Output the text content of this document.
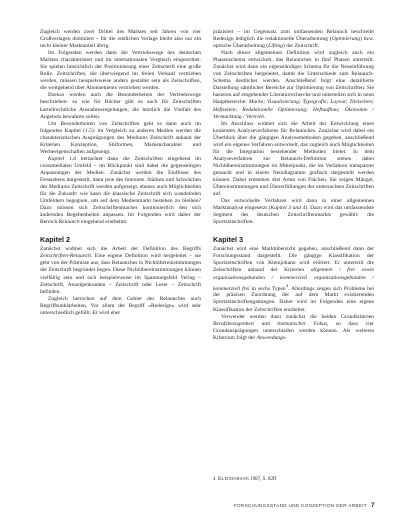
Zugleich werden zwei Drittel des Marktes seit Jahren von vier Großverlagen dominiert – für die restlichen Verlage bleibt also nur ein recht kleiner Marktanteil übrig.

Im Folgenden werden dann die Vertriebswege des deutschen Marktes charakterisiert und im internationalen Vergleich eingeordnet. Sie spielen hinsichtlich der Positionierung einer Zeitschrift eine große Rolle. Zeitschriften, die überwiegend im freien Verkauf vertrieben werden, müssen beispielsweise anders gestaltet sein als Zeitschriften, die weitgehend über Abonnements vertrieben werden.

Ebenso werden auch die Besonderheiten der Vertriebswege beschrieben: so wie für Bücher gibt es auch für Zeitschriften kartellrechtliche Ausnahmeregelungen, die letztlich die Vielfalt des Angebots bewahren sollen.

Um Besonderheiten von Zeitschriften geht es dann auch im folgenden Kapitel (1.5): im Vergleich zu anderen Medien werden die charakteristischen Ausprägungen des Mediums Zeitschrift anhand der Kriterien Konzeption, Stilformen, Markencharakter und Werbeeigenschaften aufgezeigt.

Kapitel 1.6 betrachtet dann die Zeitschriften eingehend im crossmedialen Umfeld – im Blickpunkt sind dabei die gegenseitigen Anpassungen der Medien. Zunächst werden die Einflüsse des Fernsehens dargestellt, dann jene des Internets. Stärken und Schwächen des Mediums Zeitschrift werden aufgezeigt, ebenso auch Möglichkeiten für die Zukunft: wie kann die klassische Zeitschrift sich wandelnden Umfeldern begegnen, um auf dem Medienmarkt bestehen zu bleiben? Dazu müssen sich Zeitschriftenmacher kontinuierlich den sich ändernden Begebenheiten anpassen. Im Folgenden wird daher der Bereich Relaunch eingehend erarbeitet.

Kapitel 2

Zunächst widmet sich die Arbeit der Definition des Begriffs Zeitschriften-Relaunch. Eine eigene Definition wird hergeleitet – sie geht von der Prämisse aus, dass Relaunches in Nichtübereinstimmungen der Zeitschrift begründet liegen. Diese Nichtübereinstimmungen können vielfältig sein und sich beispielsweise im Spannungsfeld Verlag – Zeitschrift, Anzeigenkunden – Zeitschrift oder Leser – Zeitschrift befinden.

Zugleich herrschen auf dem Gebiet des Relaunches auch Begriffsunklarheiten. Vor allem der Begriff »Redesign« wird sehr unterschiedlich gefüllt. Er wird eher

präzisiert – im Gegensatz zum umfassenden Relaunch beschreibt Redesign lediglich die redaktionelle Überarbeitung (Optimierung) bzw. optische Überarbeitung (Lifting) der Zeitschrift.

Nach dieser allgemeinen Definition wird zugleich auch ein Phasenschema entwickelt, das Relaunches in fünf Phasen unterteilt. Zunächst wird dann ein eigenständiges Schema für die Neueinführung von Zeitschriften hergeleitet, damit die Unterschiede zum Relaunch-Schema deutlicher werden. Anschließend folgt eine detaillierte Darstellung sämtlicher Bereiche zur Optimierung von Zeitschriften. Sie basieren auf eingehender Literaturrecherche und unterteilen sich in neun Hauptbereiche: Marke; Visualisierung; Typografie; Layout; Titelseiten; Heftseiten; Redaktionelle Optimierung; Heftaufbau; Ökonomie / Vermarktung / Vertrieb.

Im Anschluss widmet sich die Arbeit der Entwicklung eines konkreten Analyseverfahrens für Relaunches. Zunächst wird dabei ein Überblick über die gängigen Analysemethoden gegeben, anschließend wird ein eigenes Verfahren entwickelt, das zugleich auch Möglichkeiten für die Integration bestehender Methoden bietet. In dem Analyseverfahren zur Relaunch-Definition stehen dabei Nichtübereinstimmungen im Mittelpunkt, die im Verfahren transparent gemacht und in einem Netzdiagramm grafisch dargestellt werden können. Dabei entstehen drei Arten von Flächen. Sie zeigen Mängel, Übereinstimmungen und Übererfüllungen der untersuchten Zeitschriften auf.

Das entwickelte Verfahren wird dann in einer allgemeinen Marktanalyse eingesetzt (Kapitel 3 und 4). Dazu wird das umfassendste Segment des deutschen Zeitschriftenmarkts gewählt: die Sportzeitschriften.

Kapitel 3

Zunächst wird eine Marktübersicht gegeben, anschließend dann der Forschungsstand dargestellt. Die gängige Klassifikation der Sportzeitschriften von Kleinjohann wird erörtert. Er unterteilt die Zeitschriften anhand der Kriterien allgemein / frei sowie organisationsgebunden / kommerziell organisationsgebunden / kommerziell frei in sechs Typen$^4$. Allerdings zeigen sich Probleme bei der präzisen Zuordnung der auf dem Markt existierenden Sportzeitschriftengattungen. Daher wird im Folgenden eine eigene Klassifikation der Zeitschriften erarbeitet.

Verwendet werden dazu zunächst die beiden Grundkriterien Berufsbezogenheit und thematischer Fokus, so dass vier Grundausprägungen unterschieden werden können. Als weiteres Kriterium folgt der Anwendungs-

4 Kleinjohann 1987, S. 82ff
FORSCHUNGSSTAND UND KONZEPTION DER ARBEIT 7
